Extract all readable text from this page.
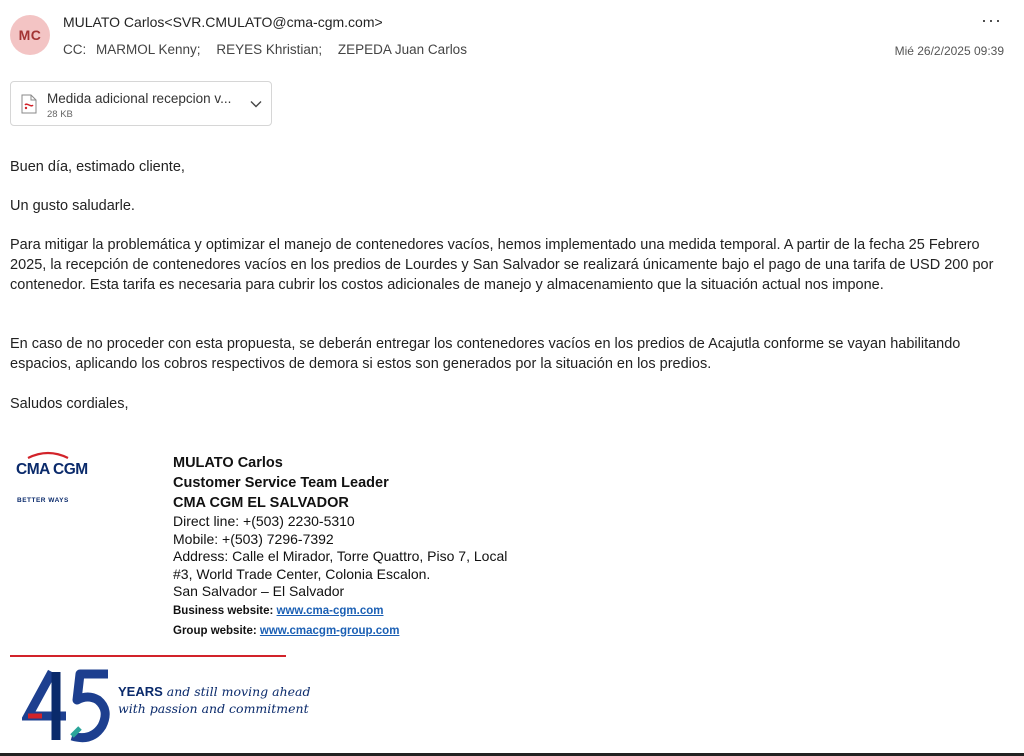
MC
MULATO Carlos<SVR.CMULATO@cma-cgm.com>
CC: MARMOL Kenny; REYES Khristian; ZEPEDA Juan Carlos
···
Mié 26/2/2025 09:39
Medida adicional recepcion v...
28 KB

Buen día, estimado cliente,

Un gusto saludarle.

Para mitigar la problemática y optimizar el manejo de contenedores vacíos, hemos implementado una medida temporal. A partir de la fecha 25 Febrero 2025, la recepción de contenedores vacíos en los predios de Lourdes y San Salvador se realizará únicamente bajo el pago de una tarifa de USD 200 por contenedor. Esta tarifa es necesaria para cubrir los costos adicionales de manejo y almacenamiento que la situación actual nos impone.

En caso de no proceder con esta propuesta, se deberán entregar los contenedores vacíos en los predios de Acajutla conforme se vayan habilitando espacios, aplicando los cobros respectivos de demora si estos son generados por la situación en los predios.

Saludos cordiales,

CMA CGM
BETTER WAYS
MULATO Carlos
Customer Service Team Leader
CMA CGM EL SALVADOR
Direct line: +(503) 2230-5310
Mobile: +(503) 7296-7392
Address: Calle el Mirador, Torre Quattro, Piso 7, Local
#3, World Trade Center, Colonia Escalon.
San Salvador – El Salvador
Business website: www.cma-cgm.com
Group website: www.cmacgm-group.com
YEARS and still moving ahead
with passion and commitment
